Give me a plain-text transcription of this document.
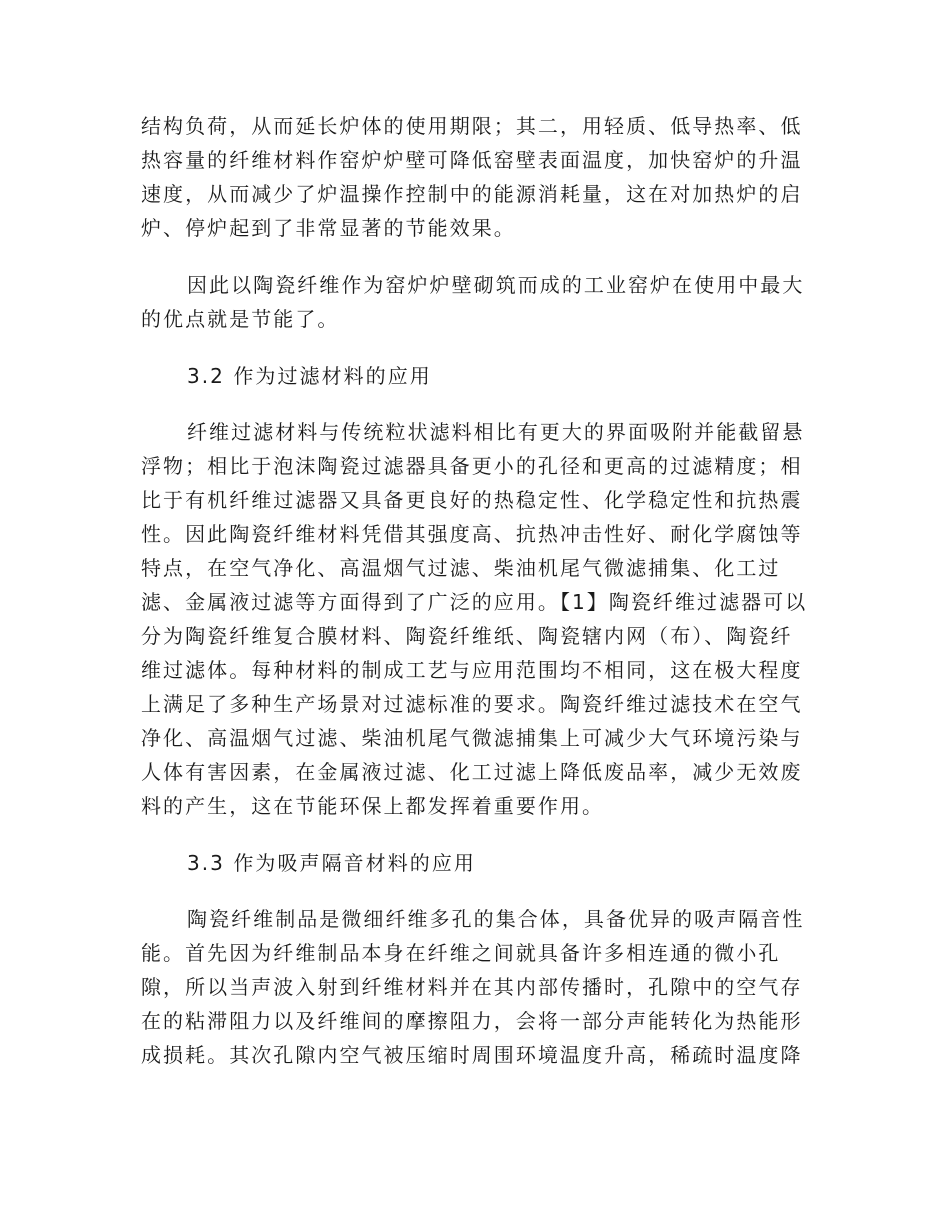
结构负荷，从而延长炉体的使用期限；其二，用轻质、低导热率、低
热容量的纤维材料作窑炉炉壁可降低窑壁表面温度，加快窑炉的升温
速度，从而减少了炉温操作控制中的能源消耗量，这在对加热炉的启
炉、停炉起到了非常显著的节能效果。
因此以陶瓷纤维作为窑炉炉壁砌筑而成的工业窑炉在使用中最大
的优点就是节能了。
3.2 作为过滤材料的应用
纤维过滤材料与传统粒状滤料相比有更大的界面吸附并能截留悬
浮物；相比于泡沫陶瓷过滤器具备更小的孔径和更高的过滤精度；相
比于有机纤维过滤器又具备更良好的热稳定性、化学稳定性和抗热震
性。因此陶瓷纤维材料凭借其强度高、抗热冲击性好、耐化学腐蚀等
特点，在空气净化、高温烟气过滤、柴油机尾气微滤捕集、化工过
滤、金属液过滤等方面得到了广泛的应用。【1】陶瓷纤维过滤器可以
分为陶瓷纤维复合膜材料、陶瓷纤维纸、陶瓷辖内网（布）、陶瓷纤
维过滤体。每种材料的制成工艺与应用范围均不相同，这在极大程度
上满足了多种生产场景对过滤标准的要求。陶瓷纤维过滤技术在空气
净化、高温烟气过滤、柴油机尾气微滤捕集上可减少大气环境污染与
人体有害因素，在金属液过滤、化工过滤上降低废品率，减少无效废
料的产生，这在节能环保上都发挥着重要作用。
3.3 作为吸声隔音材料的应用
陶瓷纤维制品是微细纤维多孔的集合体，具备优异的吸声隔音性
能。首先因为纤维制品本身在纤维之间就具备许多相连通的微小孔
隙，所以当声波入射到纤维材料并在其内部传播时，孔隙中的空气存
在的粘滞阻力以及纤维间的摩擦阻力，会将一部分声能转化为热能形
成损耗。其次孔隙内空气被压缩时周围环境温度升高，稀疏时温度降
